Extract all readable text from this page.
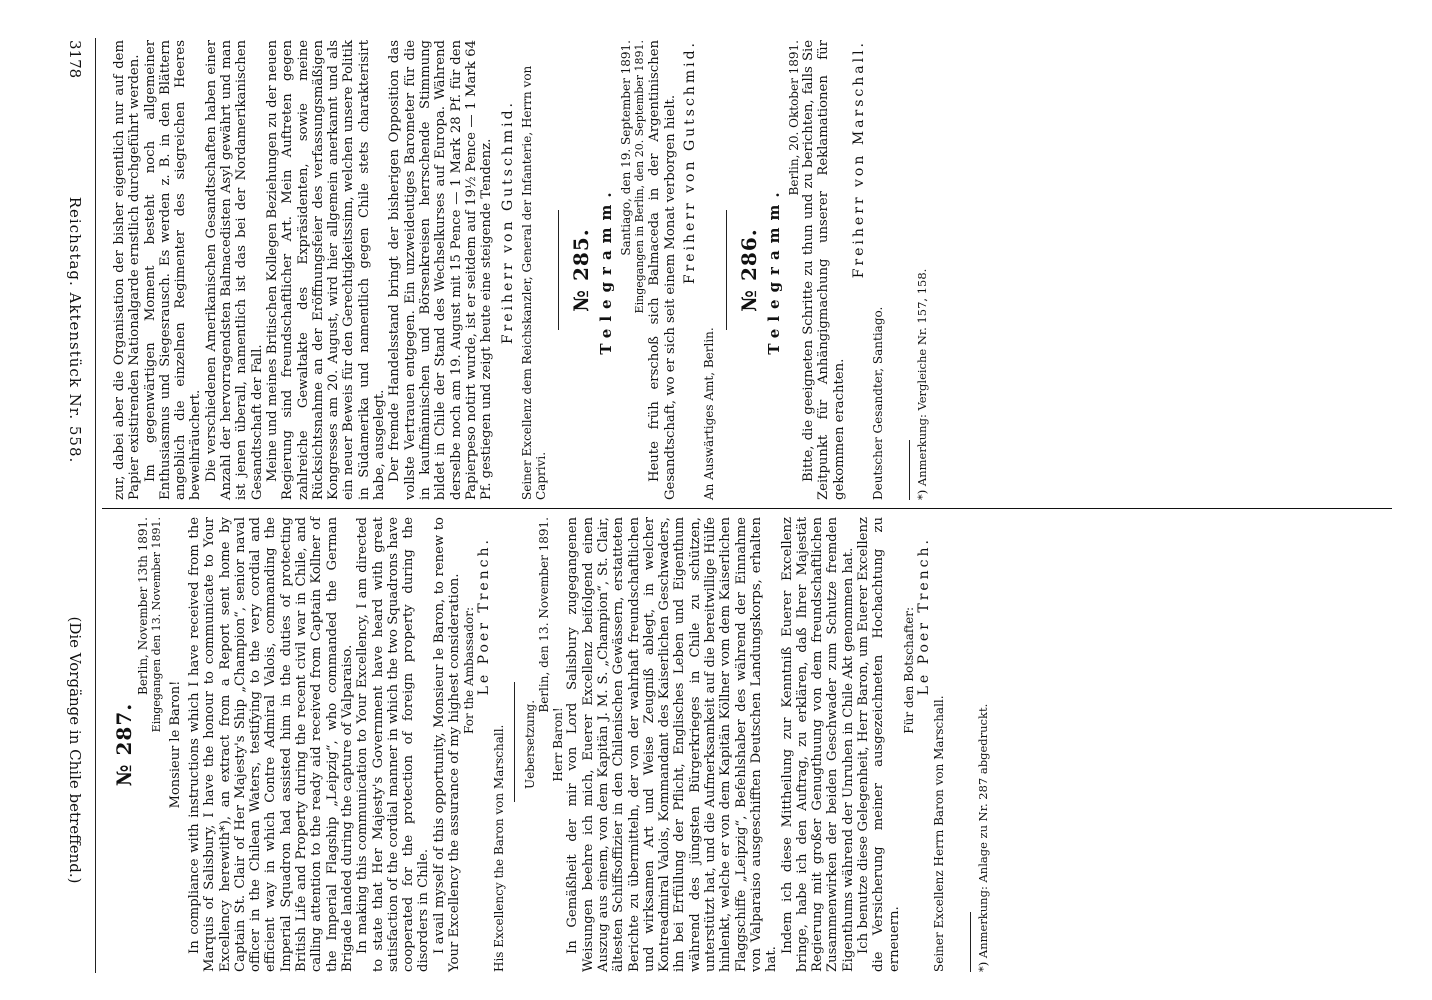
3178
Reichstag. Aktenstück Nr. 558.
(Die Vorgänge in Chile betreffend.)

zur, dabei aber die Organisation der bisher eigentlich nur auf dem Papier existirenden Nationalgarde ernstlich durchgeführt werden. Im gegenwärtigen Moment besteht noch allgemeiner Enthusiasmus und Siegesrausch. Es werden z. B. in den Blättern angeblich die einzelnen Regimenter des siegreichen Heeres beweihräuchert. Die verschiedenen Amerikanischen Gesandtschaften haben einer Anzahl der hervorragendsten Balmacedisten Asyl gewährt und man ist jenen überall, namentlich ist das bei der Nordamerikanischen Gesandtschaft der Fall. Meine und meines Britischen Kollegen Beziehungen zu der neuen Regierung sind freundschaftlicher Art. Mein Auftreten gegen zahlreiche Gewaltakte des Expräsidenten, sowie meine Rücksichtsnahme an der Eröffnungsfeier des verfassungsmäßigen Kongresses am 20. August, wird hier allgemein anerkannt und als ein neuer Beweis für den Gerechtigkeitssinn, welchen unsere Politik in Südamerika und namentlich gegen Chile stets charakterisirt habe, ausgelegt. Der fremde Handelsstand bringt der bisherigen Opposition das vollste Vertrauen entgegen. Ein unzweideutiges Barometer für die in kaufmännischen und Börsenkreisen herrschende Stimmung bildet in Chile der Stand des Wechselkurses auf Europa. Während derselbe noch am 19. August mit 15 Pence — 1 Mark 28 Pf. für den Papierpeso notirt wurde, ist er seitdem auf 19½ Pence — 1 Mark 64 Pf. gestiegen und zeigt heute eine steigende Tendenz. Freiherr von Gutschmid. Seiner Excellenz dem Reichskanzler, General der Infanterie, Herrn von Caprivi.
№ 285. Telegramm.
Santiago, den 19. September 1891. Eingegangen in Berlin, den 20. September 1891. Heute früh erschoß sich Balmaceda in der Argentinischen Gesandtschaft, wo er sich seit einem Monat verborgen hielt. Freiherr von Gutschmid.
An Auswärtiges Amt, Berlin.
№ 286. Telegramm.
Berlin, 20. Oktober 1891. Bitte, die geeigneten Schritte zu thun und zu berichten, falls Sie Zeitpunkt für Anhängigmachung unserer Reklamationen für gekommen erachten.

Freiherr von Marschall.
Deutscher Gesandter, Santiago.	*) Anmerkung: Vergleiche Nr. 157, 158.
№ 287.
Berlin, November 13th 1891. Eingegangen den 13. November 1891.
Monsieur le Baron! In compliance with instructions which I have received from the Marquis of Salisbury, I have the honour to communicate to Your Excellency herewith*), an extract from a Report sent home by Captain St. Clair of Her Majesty's Ship „Champion“, senior naval officer in the Chilean Waters, testifying to the very cordial and efficient way in which Contre Admiral Valois, commanding the Imperial Squadron had assisted him in the duties of protecting British Life and Property during the recent civil war in Chile, and calling attention to the ready aid received from Captain Kollner of the Imperial Flagship „Leipzig“, who commanded the German Brigade landed during the capture of Valparaiso. In making this communication to Your Excellency, I am directed to state that Her Majesty's Government have heard with great satisfaction of the cordial manner in which the two Squadrons have cooperated for the protection of foreign property during the disorders in Chile. I avail myself of this opportunity, Monsieur le Baron, to renew to Your Excellency the assurance of my highest consideration. For the Ambassador: Le Poer Trench.
His Excellency the Baron von Marschall. Uebersetzung.
Berlin, den 13. November 1891.
Herr Baron! In Gemäßheit der mir von Lord Salisbury zugegangenen Weisungen beehre ich mich, Euerer Excellenz beifolgend einen Auszug aus einem, von dem Kapitän J. M. S. „Champion“, St. Clair, ältesten Schiffsoffizier in den Chilenischen Gewässern, erstatteten Berichte zu übermitteln, der von der wahrhaft freundschaftlichen und wirksamen Art und Weise Zeugniß ablegt, in welcher Kontreadmiral Valois, Kommandant des Kaiserlichen Geschwaders, ihn bei Erfüllung der Pflicht, Englisches Leben und Eigenthum während des jüngsten Bürgerkrieges in Chile zu schützen, unterstützt hat, und die Aufmerksamkeit auf die bereitwillige Hülfe hinlenkt, welche er von dem Kapitän Köllner vom dem Kaiserlichen Flaggschiffe „Leipzig“, Befehlshaber des während der Einnahme von Valparaiso ausgeschifften Deutschen Landungskorps, erhalten hat.

Indem ich diese Mittheilung zur Kenntniß Euerer Excellenz bringe, habe ich den Auftrag, zu erklären, daß Ihrer Majestät Regierung mit großer Genugthuung von dem freundschaftlichen Zusammenwirken der beiden Geschwader zum Schutze fremden Eigenthums während der Unruhen in Chile Akt genommen hat. Ich benutze diese Gelegenheit, Herr Baron, um Euerer Excellenz die Versicherung meiner ausgezeichneten Hochachtung zu erneuern.

Für den Botschafter: Le Poer Trench.
Seiner Excellenz Herrn Baron von Marschall.	*) Anmerkung: Anlage zu Nr. 287 abgedruckt.
